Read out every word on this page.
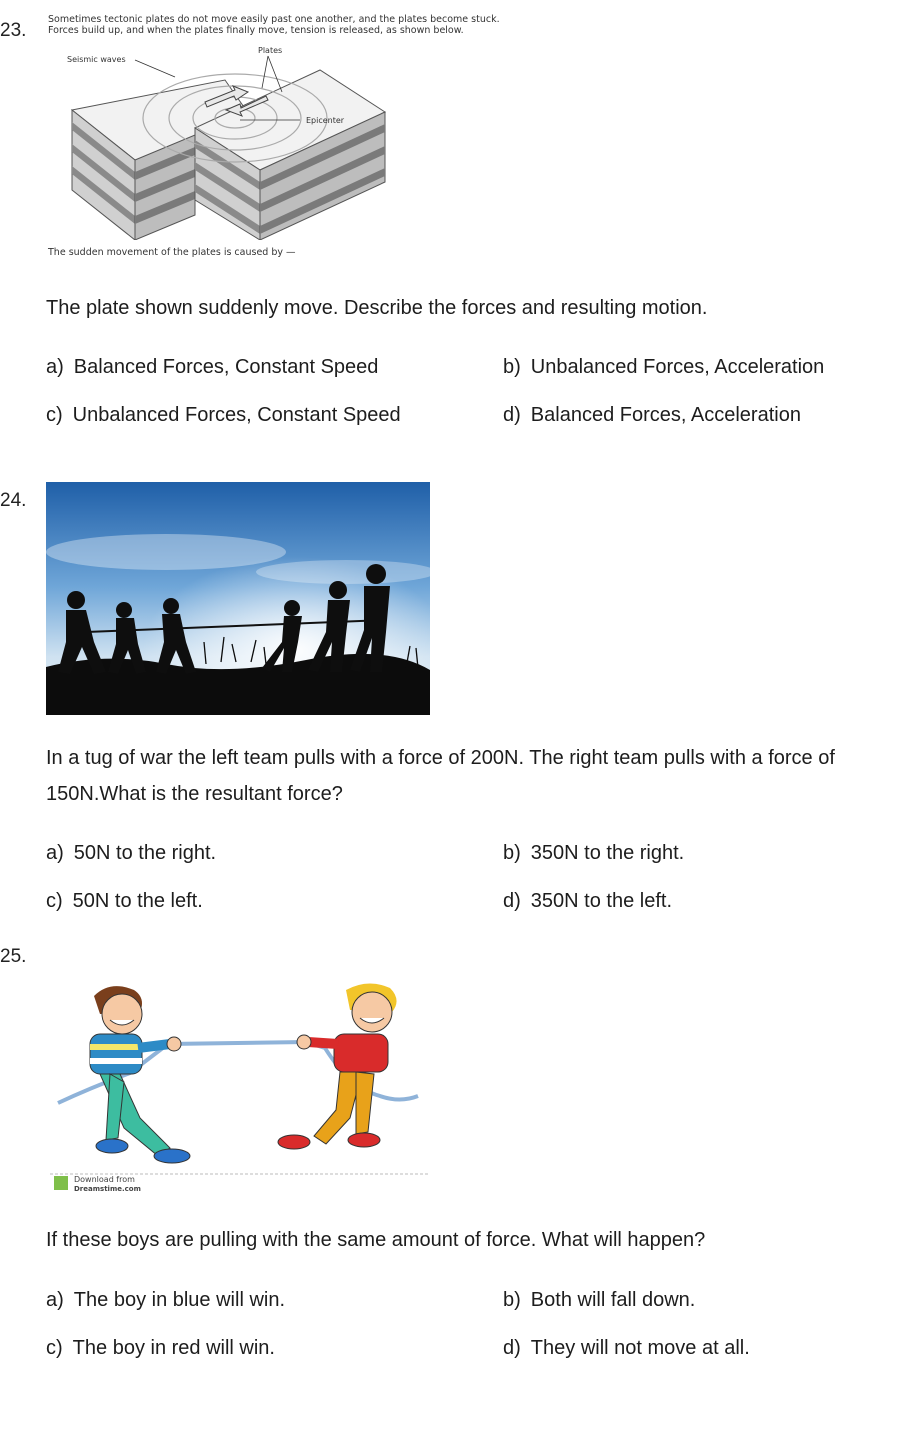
23.
Sometimes tectonic plates do not move easily past one another, and the plates become stuck.
Forces build up, and when the plates finally move, tension is released, as shown below.
Seismic waves
Plates
Epicenter
The sudden movement of the plates is caused by —
The plate shown suddenly move. Describe the forces and resulting motion.
a) Balanced Forces, Constant Speed	b) Unbalanced Forces, Acceleration
c) Unbalanced Forces, Constant Speed	d) Balanced Forces, Acceleration
24.
In a tug of war the left team pulls with a force of 200N. The right team pulls with a force of
150N.What is the resultant force?
a) 50N to the right.	b) 350N to the right.
c) 50N to the left.	d) 350N to the left.
25.
Download from
Dreamstime.com
If these boys are pulling with the same amount of force. What will happen?
a) The boy in blue will win.	b) Both will fall down.
c) The boy in red will win.	d) They will not move at all.
